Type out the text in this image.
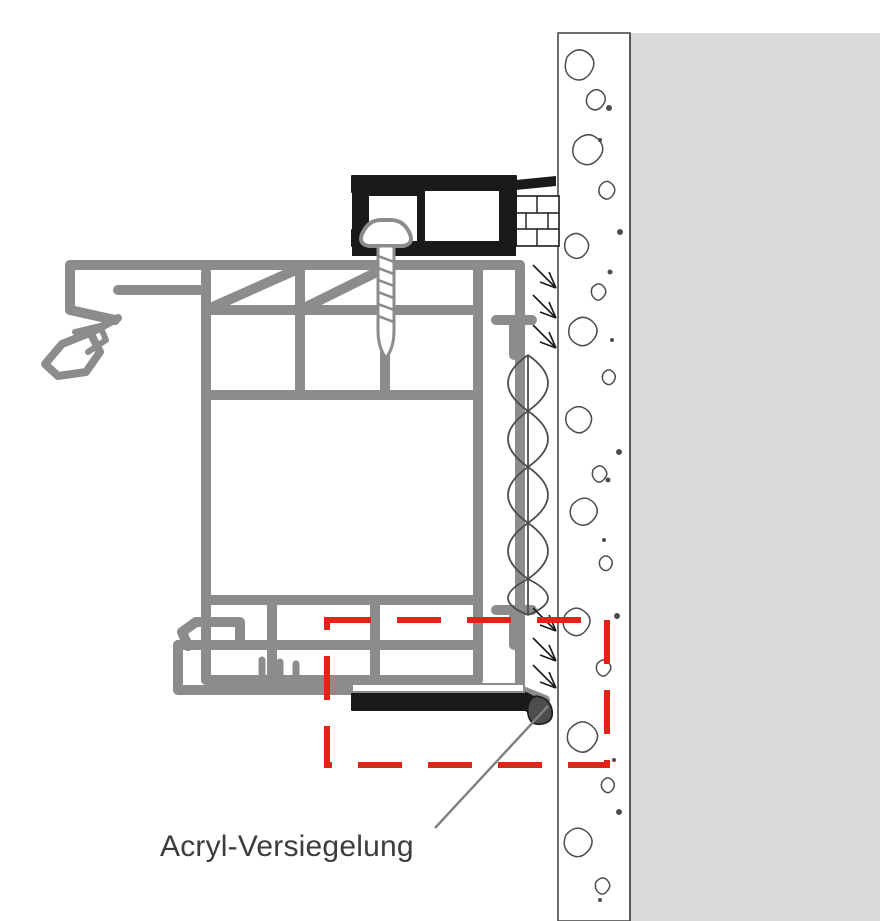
Acryl-Versiegelung
